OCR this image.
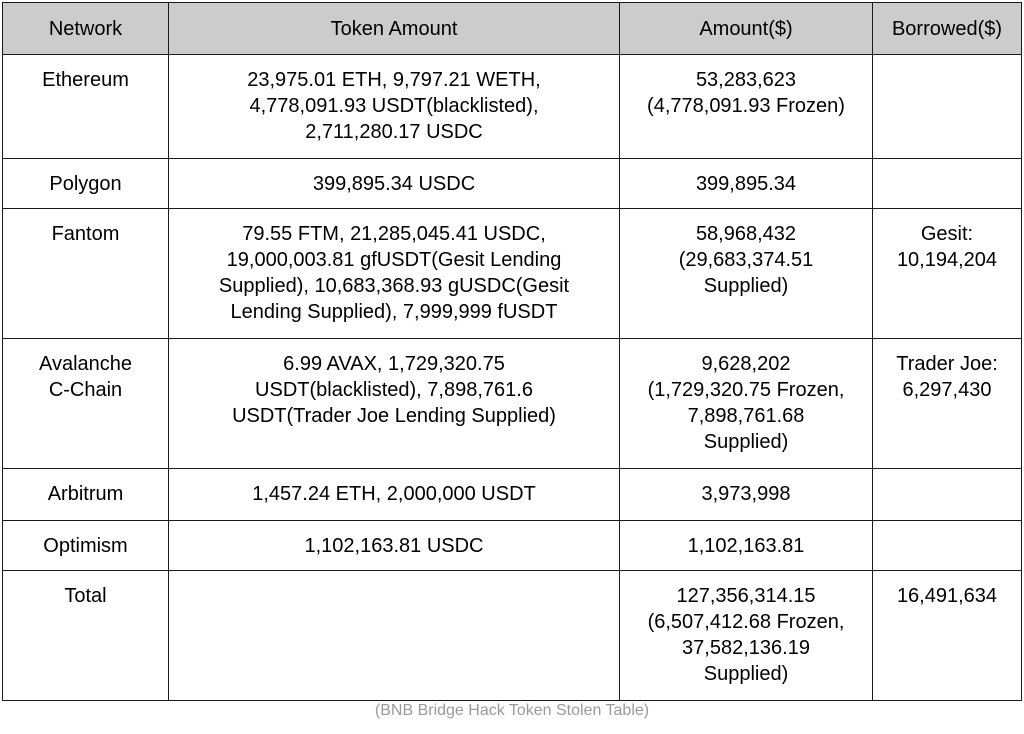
Network	Token Amount	Amount($)	Borrowed($)
Ethereum	23,975.01 ETH, 9,797.21 WETH,
4,778,091.93 USDT(blacklisted),
2,711,280.17 USDC	53,283,623
(4,778,091.93 Frozen)	
Polygon	399,895.34 USDC	399,895.34	
Fantom	79.55 FTM, 21,285,045.41 USDC,
19,000,003.81 gfUSDT(Gesit Lending
Supplied), 10,683,368.93 gUSDC(Gesit
Lending Supplied), 7,999,999 fUSDT	58,968,432
(29,683,374.51
Supplied)	Gesit:
10,194,204
Avalanche
C-Chain	6.99 AVAX, 1,729,320.75
USDT(blacklisted), 7,898,761.6
USDT(Trader Joe Lending Supplied)	9,628,202
(1,729,320.75 Frozen,
7,898,761.68
Supplied)	Trader Joe:
6,297,430
Arbitrum	1,457.24 ETH, 2,000,000 USDT	3,973,998	
Optimism	1,102,163.81 USDC	1,102,163.81	
Total		127,356,314.15
(6,507,412.68 Frozen,
37,582,136.19
Supplied)	16,491,634
(BNB Bridge Hack Token Stolen Table)
